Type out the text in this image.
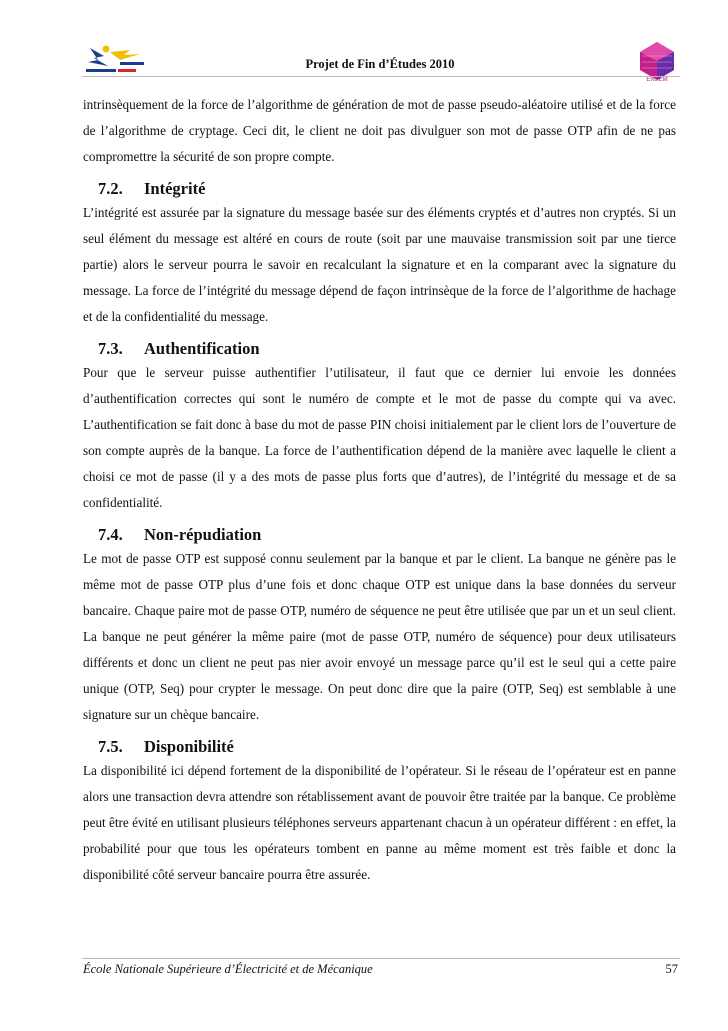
Projet de Fin d’Études 2010
ENSEM

intrinsèquement de la force de l’algorithme de génération de mot de passe pseudo-aléatoire utilisé et de la force de l’algorithme de cryptage. Ceci dit, le client ne doit pas divulguer son mot de passe OTP afin de ne pas compromettre la sécurité de son propre compte.

7.2. Intégrité

L’intégrité est assurée par la signature du message basée sur des éléments cryptés et d’autres non cryptés. Si un seul élément du message est altéré en cours de route (soit par une mauvaise transmission soit par une tierce partie) alors le serveur pourra le savoir en recalculant la signature et en la comparant avec la signature du message. La force de l’intégrité du message dépend de façon intrinsèque de la force de l’algorithme de hachage et de la confidentialité du message.

7.3. Authentification

Pour que le serveur puisse authentifier l’utilisateur, il faut que ce dernier lui envoie les données d’authentification correctes qui sont le numéro de compte et le mot de passe du compte qui va avec. L’authentification se fait donc à base du mot de passe PIN choisi initialement par le client lors de l’ouverture de son compte auprès de la banque. La force de l’authentification dépend de la manière avec laquelle le client a choisi ce mot de passe (il y a des mots de passe plus forts que d’autres), de l’intégrité du message et de sa confidentialité.

7.4. Non-répudiation

Le mot de passe OTP est supposé connu seulement par la banque et par le client. La banque ne génère pas le même mot de passe OTP plus d’une fois et donc chaque OTP est unique dans la base données du serveur bancaire. Chaque paire mot de passe OTP, numéro de séquence ne peut être utilisée que par un et un seul client. La banque ne peut générer la même paire (mot de passe OTP, numéro de séquence) pour deux utilisateurs différents et donc un client ne peut pas nier avoir envoyé un message parce qu’il est le seul qui a cette paire unique (OTP, Seq) pour crypter le message. On peut donc dire que la paire (OTP, Seq) est semblable à une signature sur un chèque bancaire.

7.5. Disponibilité

La disponibilité ici dépend fortement de la disponibilité de l’opérateur. Si le réseau de l’opérateur est en panne alors une transaction devra attendre son rétablissement avant de pouvoir être traitée par la banque. Ce problème peut être évité en utilisant plusieurs téléphones serveurs appartenant chacun à un opérateur différent : en effet, la probabilité pour que tous les opérateurs tombent en panne au même moment est très faible et donc la disponibilité côté serveur bancaire pourra être assurée.

École Nationale Supérieure d’Électricité et de Mécanique	57
